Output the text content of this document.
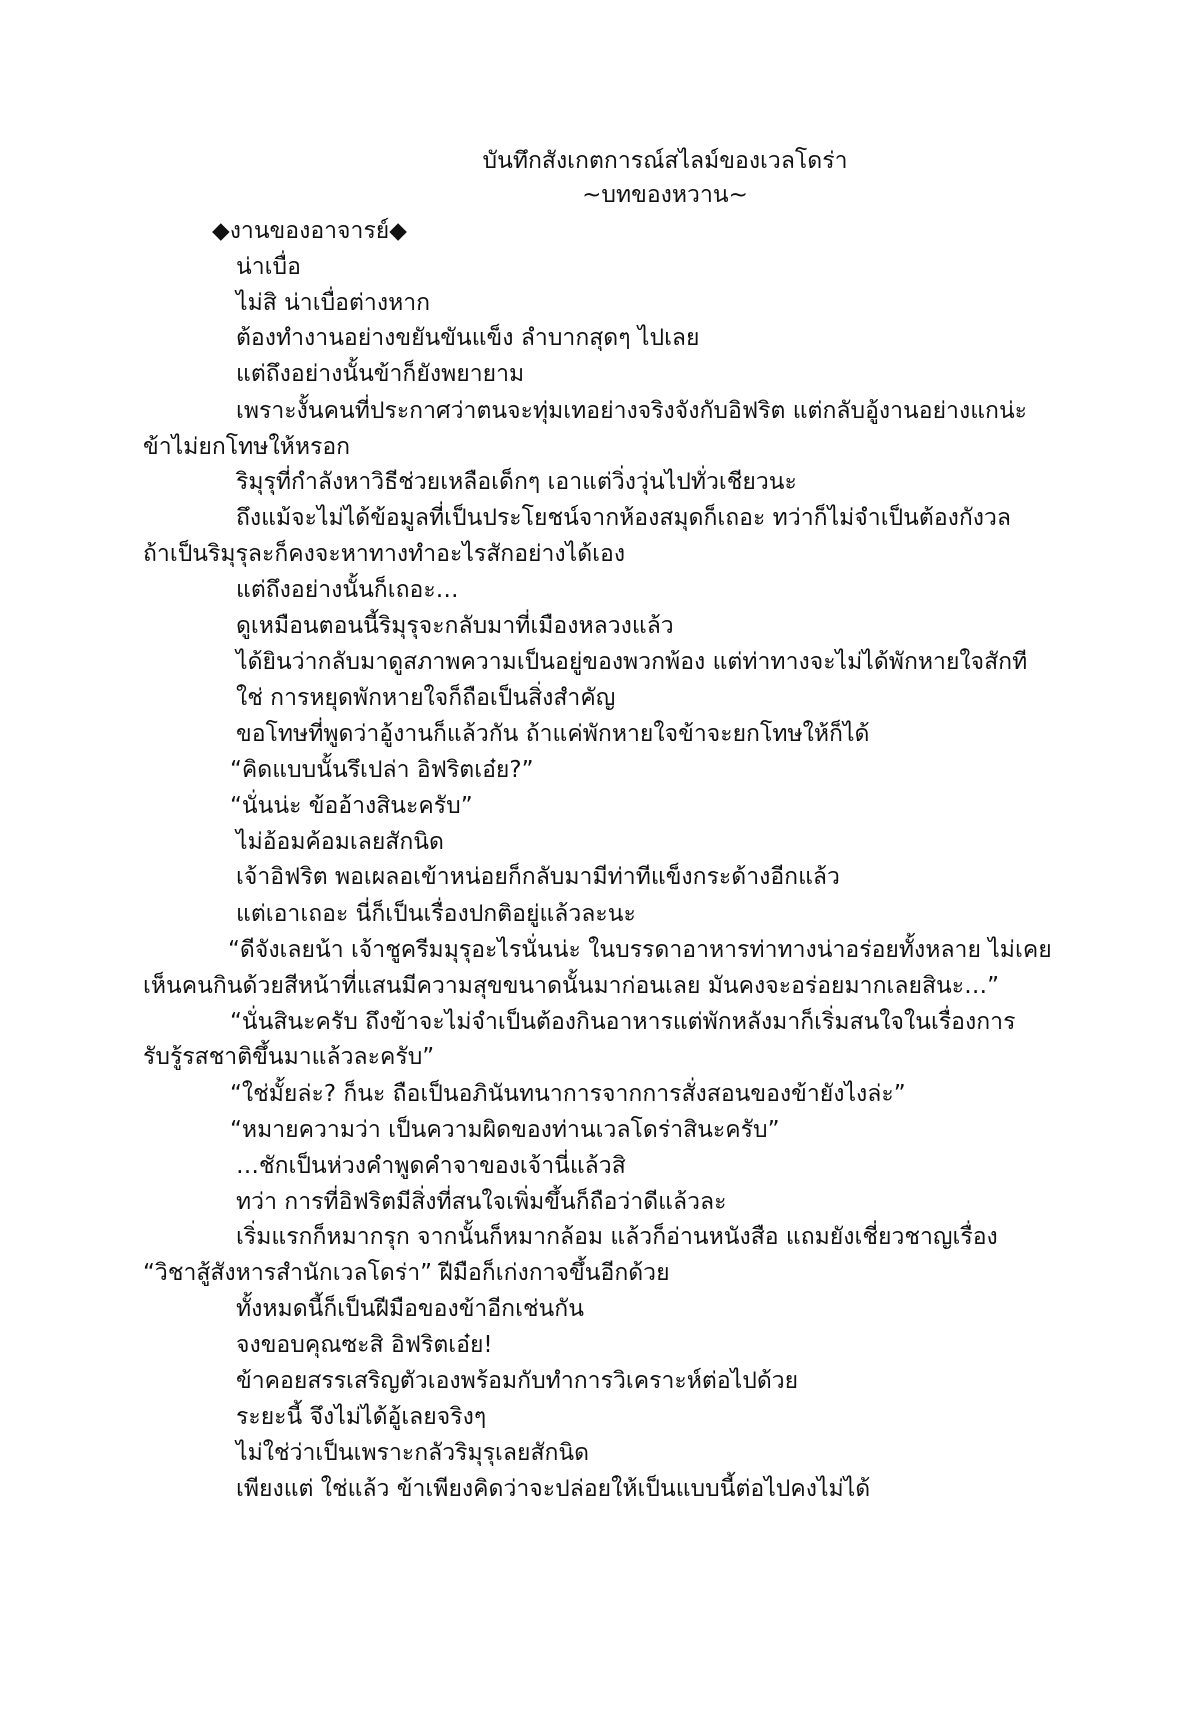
บันทึกสังเกตการณ์สไลม์ของเวลโดร่า
~บทของหวาน~
◆งานของอาจารย์◆
น่าเบื่อ
ไม่สิ น่าเบื่อต่างหาก
ต้องทำงานอย่างขยันขันแข็ง ลำบากสุดๆ ไปเลย
แต่ถึงอย่างนั้นข้าก็ยังพยายาม
เพราะงั้นคนที่ประกาศว่าตนจะทุ่มเทอย่างจริงจังกับอิฟริต แต่กลับอู้งานอย่างแกน่ะ
ข้าไม่ยกโทษให้หรอก
ริมุรุที่กำลังหาวิธีช่วยเหลือเด็กๆ เอาแต่วิ่งวุ่นไปทั่วเชียวนะ
ถึงแม้จะไม่ได้ข้อมูลที่เป็นประโยชน์จากห้องสมุดก็เถอะ ทว่าก็ไม่จำเป็นต้องกังวล
ถ้าเป็นริมุรุละก็คงจะหาทางทำอะไรสักอย่างได้เอง
แต่ถึงอย่างนั้นก็เถอะ…
ดูเหมือนตอนนี้ริมุรุจะกลับมาที่เมืองหลวงแล้ว
ได้ยินว่ากลับมาดูสภาพความเป็นอยู่ของพวกพ้อง แต่ท่าทางจะไม่ได้พักหายใจสักที
ใช่ การหยุดพักหายใจก็ถือเป็นสิ่งสำคัญ
ขอโทษที่พูดว่าอู้งานก็แล้วกัน ถ้าแค่พักหายใจข้าจะยกโทษให้ก็ได้
“คิดแบบนั้นรึเปล่า อิฟริตเอ๋ย?”
“นั่นน่ะ ข้ออ้างสินะครับ”
ไม่อ้อมค้อมเลยสักนิด
เจ้าอิฟริต พอเผลอเข้าหน่อยก็กลับมามีท่าทีแข็งกระด้างอีกแล้ว
แต่เอาเถอะ นี่ก็เป็นเรื่องปกติอยู่แล้วละนะ
“ดีจังเลยน้า เจ้าชูครีมมุรุอะไรนั่นน่ะ ในบรรดาอาหารท่าทางน่าอร่อยทั้งหลาย ไม่เคย
เห็นคนกินด้วยสีหน้าที่แสนมีความสุขขนาดนั้นมาก่อนเลย มันคงจะอร่อยมากเลยสินะ…”
“นั่นสินะครับ ถึงข้าจะไม่จำเป็นต้องกินอาหารแต่พักหลังมาก็เริ่มสนใจในเรื่องการ
รับรู้รสชาติขึ้นมาแล้วละครับ”
“ใช่มั้ยล่ะ? ก็นะ ถือเป็นอภินันทนาการจากการสั่งสอนของข้ายังไงล่ะ”
“หมายความว่า เป็นความผิดของท่านเวลโดร่าสินะครับ”
…ชักเป็นห่วงคำพูดคำจาของเจ้านี่แล้วสิ
ทว่า การที่อิฟริตมีสิ่งที่สนใจเพิ่มขึ้นก็ถือว่าดีแล้วละ
เริ่มแรกก็หมากรุก จากนั้นก็หมากล้อม แล้วก็อ่านหนังสือ แถมยังเชี่ยวชาญเรื่อง
“วิชาสู้สังหารสำนักเวลโดร่า” ฝีมือก็เก่งกาจขึ้นอีกด้วย
ทั้งหมดนี้ก็เป็นฝีมือของข้าอีกเช่นกัน
จงขอบคุณซะสิ อิฟริตเอ๋ย!
ข้าคอยสรรเสริญตัวเองพร้อมกับทำการวิเคราะห์ต่อไปด้วย
ระยะนี้ จึงไม่ได้อู้เลยจริงๆ
ไม่ใช่ว่าเป็นเพราะกลัวริมุรุเลยสักนิด
เพียงแต่ ใช่แล้ว ข้าเพียงคิดว่าจะปล่อยให้เป็นแบบนี้ต่อไปคงไม่ได้
